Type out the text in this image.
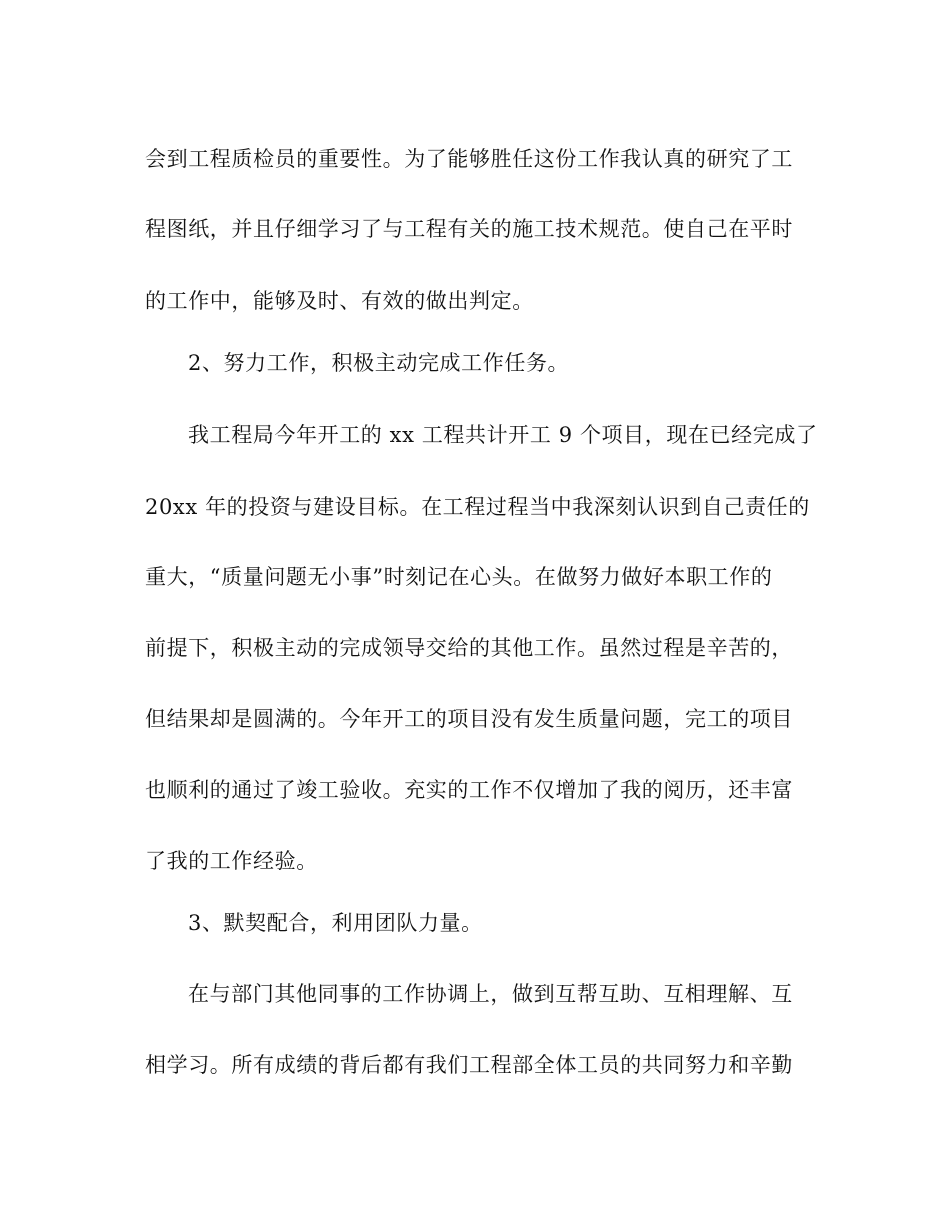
会到工程质检员的重要性。为了能够胜任这份工作我认真的研究了工
程图纸，并且仔细学习了与工程有关的施工技术规范。使自己在平时
的工作中，能够及时、有效的做出判定。
2、努力工作，积极主动完成工作任务。
我工程局今年开工的 xx 工程共计开工 9 个项目，现在已经完成了
20xx 年的投资与建设目标。在工程过程当中我深刻认识到自己责任的
重大，“质量问题无小事”时刻记在心头。在做努力做好本职工作的
前提下，积极主动的完成领导交给的其他工作。虽然过程是辛苦的，
但结果却是圆满的。今年开工的项目没有发生质量问题，完工的项目
也顺利的通过了竣工验收。充实的工作不仅增加了我的阅历，还丰富
了我的工作经验。
3、默契配合，利用团队力量。
在与部门其他同事的工作协调上，做到互帮互助、互相理解、互
相学习。所有成绩的背后都有我们工程部全体工员的共同努力和辛勤
